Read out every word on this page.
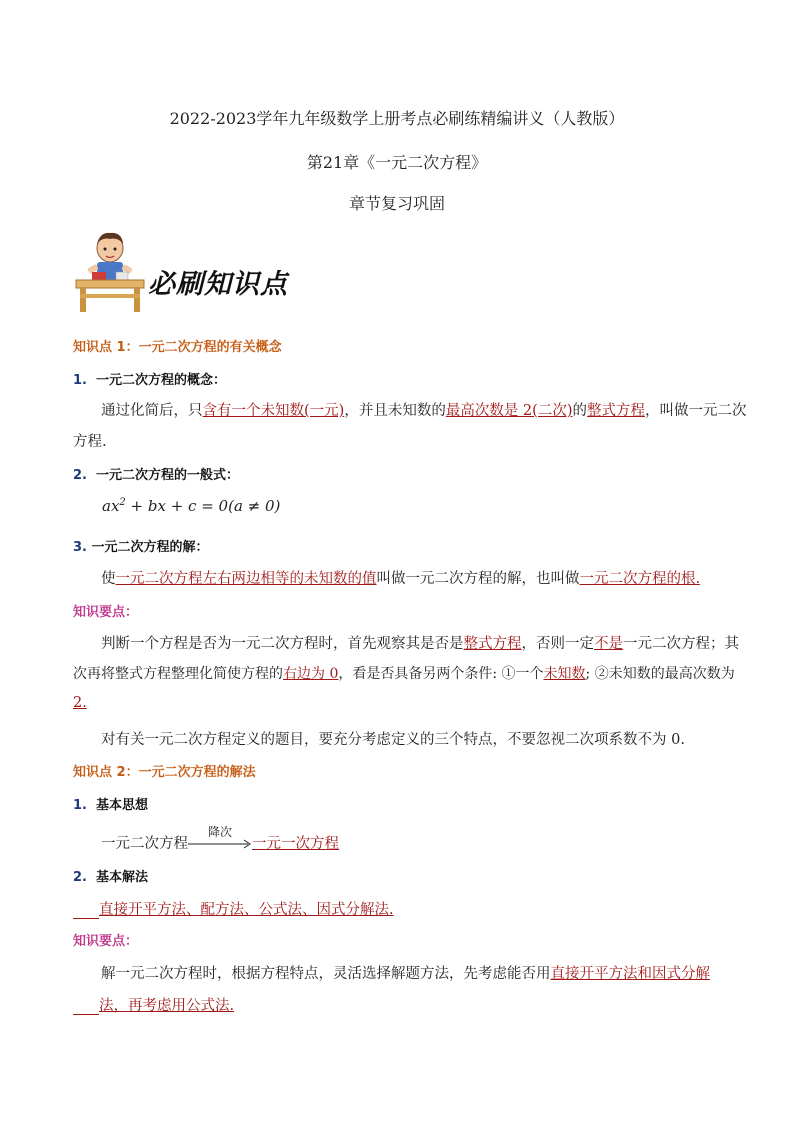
2022-2023学年九年级数学上册考点必刷练精编讲义（人教版）
第21章《一元二次方程》
章节复习巩固
必刷知识点
知识点 1：一元二次方程的有关概念
1. 一元二次方程的概念：
通过化简后，只含有一个未知数(一元)，并且未知数的最高次数是 2(二次)的整式方程，叫做一元二次
方程.
2. 一元二次方程的一般式：
$ax^2$ + bx + c = 0(a ≠ 0)
3. 一元二次方程的解：
使一元二次方程左右两边相等的未知数的值叫做一元二次方程的解，也叫做一元二次方程的根.
知识要点：
判断一个方程是否为一元二次方程时，首先观察其是否是整式方程，否则一定不是一元二次方程；其
次再将整式方程整理化简使方程的右边为 0，看是否具备另两个条件: ①一个未知数; ②未知数的最高次数为
2.
对有关一元二次方程定义的题目，要充分考虑定义的三个特点，不要忽视二次项系数不为 0.
知识点 2：一元二次方程的解法
1. 基本思想
一元二次方程
降次
一元一次方程
2. 基本解法
直接开平方法、配方法、公式法、因式分解法.
知识要点：
解一元二次方程时，根据方程特点，灵活选择解题方法，先考虑能否用直接开平方法和因式分解
法，再考虑用公式法.
